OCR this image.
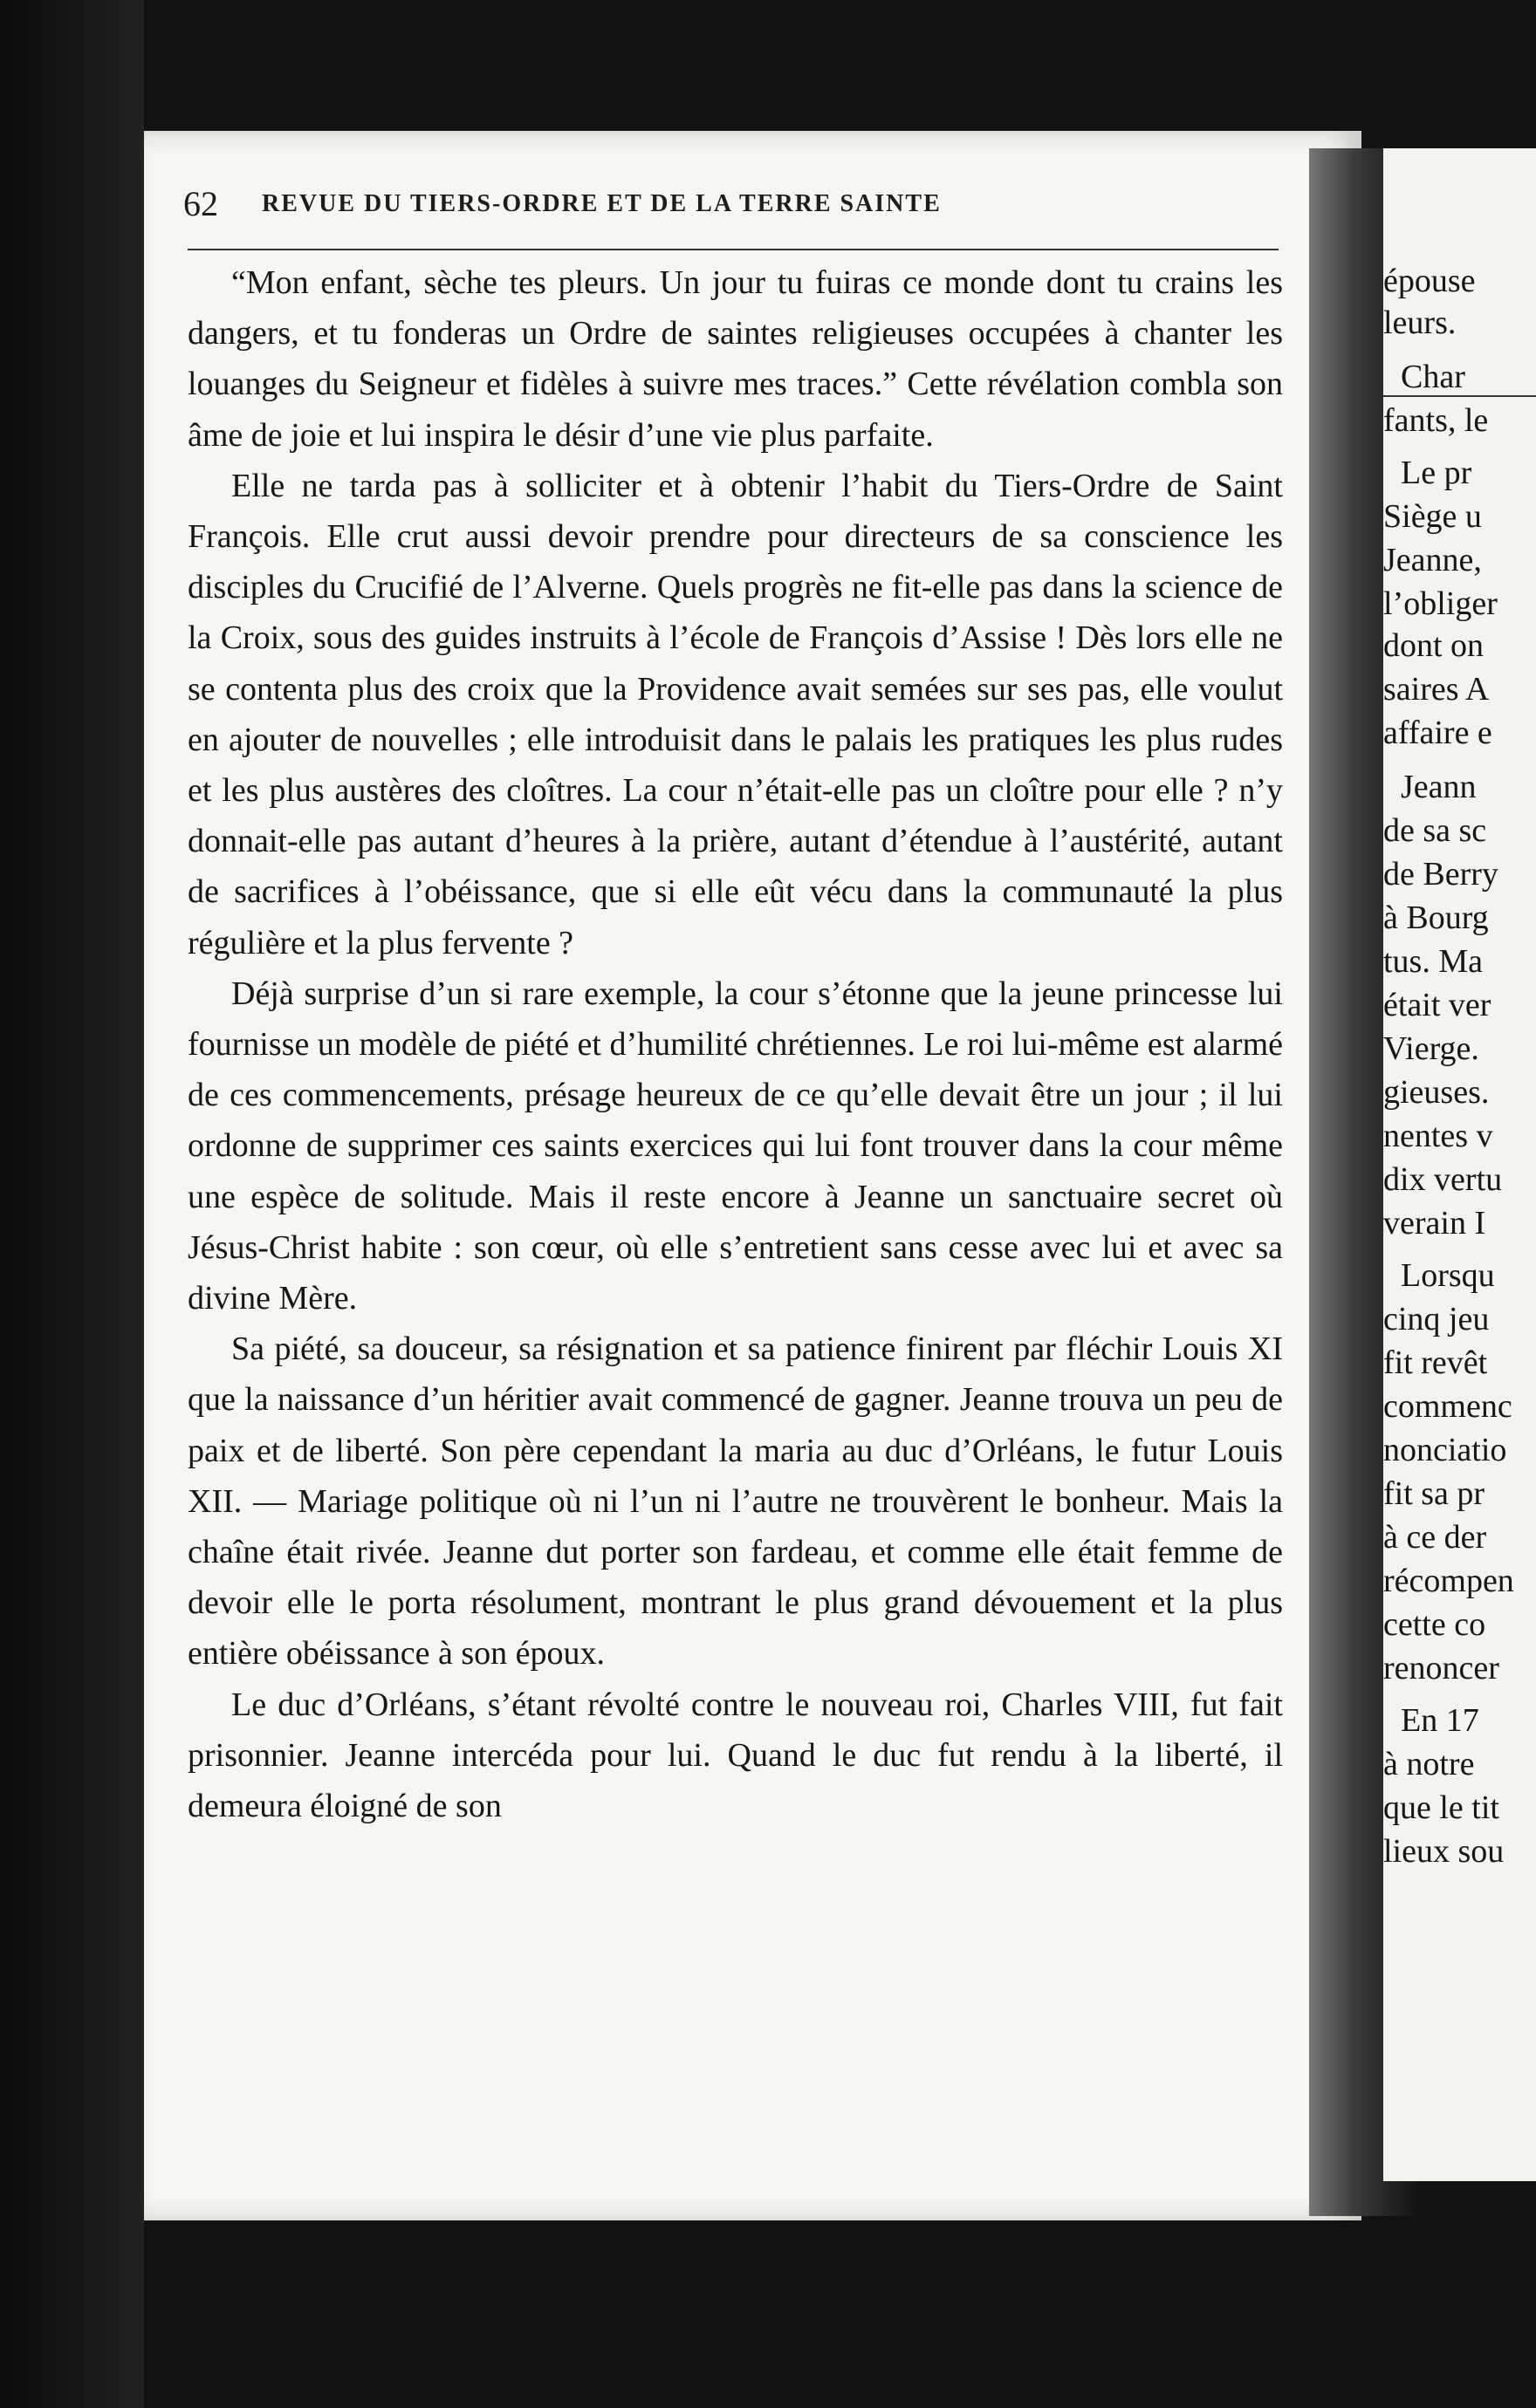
62 REVUE DU TIERS-ORDRE ET DE LA TERRE SAINTE

“Mon enfant, sèche tes pleurs. Un jour tu fuiras ce monde dont tu crains les dangers, et tu fonderas un Ordre de saintes religieuses occupées à chanter les louanges du Seigneur et fidèles à suivre mes traces.” Cette révélation combla son âme de joie et lui inspira le désir d’une vie plus parfaite.

Elle ne tarda pas à solliciter et à obtenir l’habit du Tiers-Ordre de Saint François. Elle crut aussi devoir prendre pour directeurs de sa conscience les disciples du Crucifié de l’Alverne. Quels progrès ne fit-elle pas dans la science de la Croix, sous des guides instruits à l’école de François d’Assise ! Dès lors elle ne se contenta plus des croix que la Providence avait semées sur ses pas, elle voulut en ajouter de nouvelles ; elle introduisit dans le palais les pratiques les plus rudes et les plus austères des cloîtres. La cour n’était-elle pas un cloître pour elle ? n’y donnait-elle pas autant d’heures à la prière, autant d’étendue à l’austérité, autant de sacrifices à l’obéissance, que si elle eût vécu dans la communauté la plus régulière et la plus fervente ?

Déjà surprise d’un si rare exemple, la cour s’étonne que la jeune princesse lui fournisse un modèle de piété et d’humilité chrétiennes. Le roi lui-même est alarmé de ces commencements, présage heureux de ce qu’elle devait être un jour ; il lui ordonne de supprimer ces saints exercices qui lui font trouver dans la cour même une espèce de solitude. Mais il reste encore à Jeanne un sanctuaire secret où Jésus-Christ habite : son cœur, où elle s’entretient sans cesse avec lui et avec sa divine Mère.

Sa piété, sa douceur, sa résignation et sa patience finirent par fléchir Louis XI que la naissance d’un héritier avait commencé de gagner. Jeanne trouva un peu de paix et de liberté. Son père cependant la maria au duc d’Orléans, le futur Louis XII. — Mariage politique où ni l’un ni l’autre ne trouvèrent le bonheur. Mais la chaîne était rivée. Jeanne dut porter son fardeau, et comme elle était femme de devoir elle le porta résolument, montrant le plus grand dévouement et la plus entière obéissance à son époux.

Le duc d’Orléans, s’étant révolté contre le nouveau roi, Charles VIII, fut fait prisonnier. Jeanne intercéda pour lui. Quand le duc fut rendu à la liberté, il demeura éloigné de son

épouse
leurs.
Char
fants, le
Le pr
Siège u
Jeanne,
l’obliger
dont on
saires A
affaire e
Jeann
de sa sc
de Berry
à Bourg
tus. Ma
était ver
Vierge.
gieuses.
nentes v
dix vertu
verain I
Lorsqu
cinq jeu
fit revêt
commenc
nonciatio
fit sa pr
à ce der
récompen
cette co
renoncer
En 17
à notre
que le tit
lieux sou
